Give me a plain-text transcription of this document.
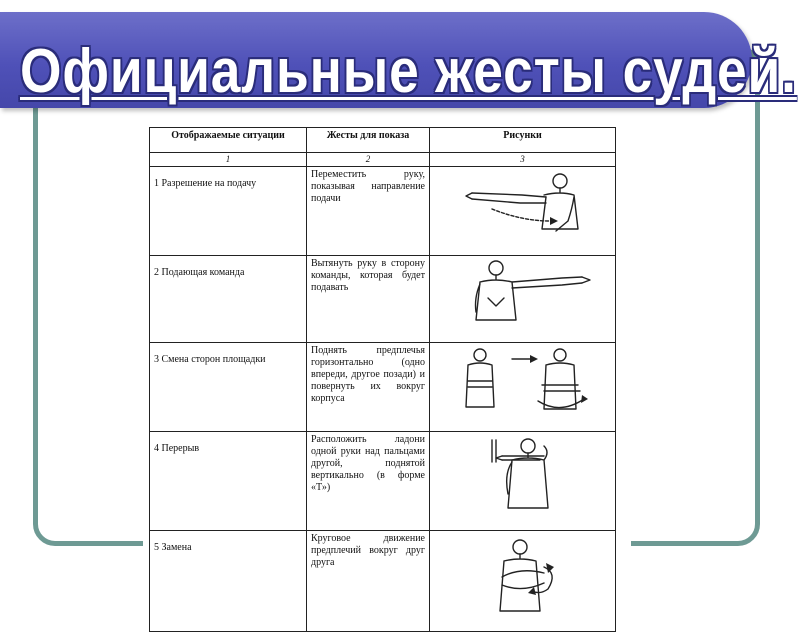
Официальные жесты судей.
Отображаемые ситуации	Жесты для показа	Рисунки
1	2	3
1 Разрешение на подачу	Переместить руку, показывая направление подачи	

2 Подающая команда	Вытянуть руку в сторону команды, которая будет подавать	

3 Смена сторон площадки	Поднять предплечья горизонтально (одно впереди, другое позади) и повернуть их вокруг корпуса	

4 Перерыв	Расположить ладони одной руки над пальцами другой, поднятой вертикально (в форме «Т»)	

5 Замена	Круговое движение предплечий вокруг друг друга	
